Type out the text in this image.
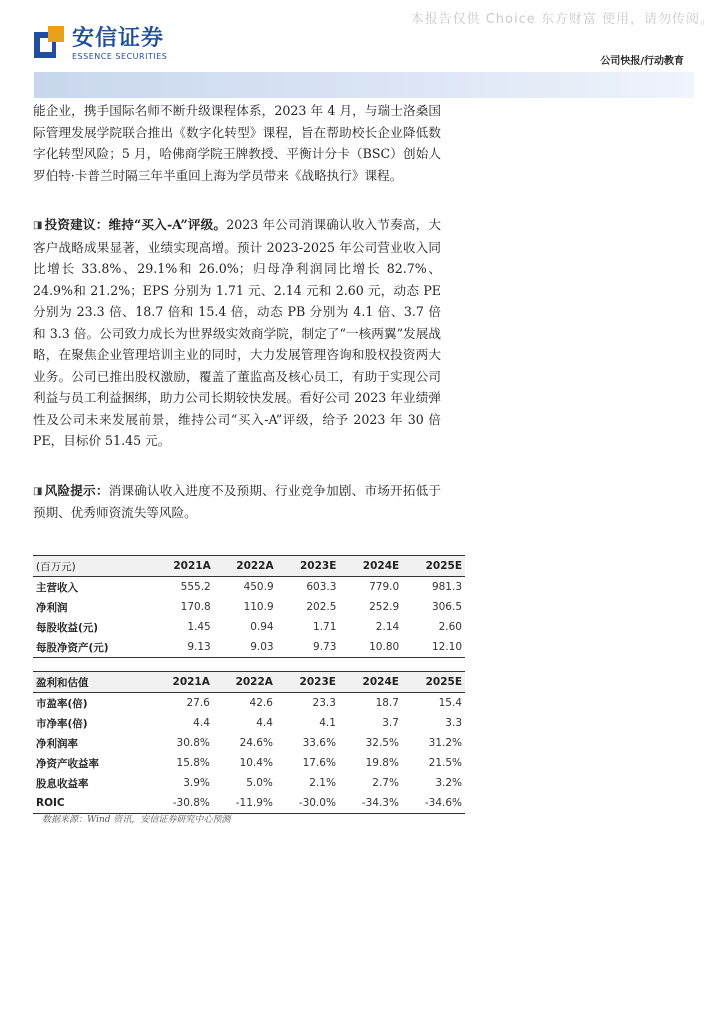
本报告仅供 Choice 东方财富 使用，请勿传阅。
安信证券
ESSENCE SECURITIES	公司快报/行动教育

能企业，携手国际名师不断升级课程体系，2023 年 4 月，与瑞士洛桑国际管理发展学院联合推出《数字化转型》课程，旨在帮助校长企业降低数字化转型风险；5 月，哈佛商学院王牌教授、平衡计分卡（BSC）创始人罗伯特·卡普兰时隔三年半重回上海为学员带来《战略执行》课程。

◨ 投资建议：维持“买入-A”评级。2023 年公司消课确认收入节奏高，大客户战略成果显著，业绩实现高增。预计 2023-2025 年公司营业收入同比增长 33.8%、29.1%和 26.0%；归母净利润同比增长 82.7%、24.9%和 21.2%；EPS 分别为 1.71 元、2.14 元和 2.60 元，动态 PE 分别为 23.3 倍、18.7 倍和 15.4 倍，动态 PB 分别为 4.1 倍、3.7 倍和 3.3 倍。公司致力成长为世界级实效商学院，制定了“一核两翼”发展战略，在聚焦企业管理培训主业的同时，大力发展管理咨询和股权投资两大业务。公司已推出股权激励，覆盖了董监高及核心员工，有助于实现公司利益与员工利益捆绑，助力公司长期较快发展。看好公司 2023 年业绩弹性及公司未来发展前景，维持公司“买入-A”评级，给予 2023 年 30 倍 PE，目标价 51.45 元。

◨ 风险提示：消课确认收入进度不及预期、行业竞争加剧、市场开拓低于预期、优秀师资流失等风险。

(百万元)	2021A	2022A	2023E	2024E	2025E
主营收入	555.2	450.9	603.3	779.0	981.3
净利润	170.8	110.9	202.5	252.9	306.5
每股收益(元)	1.45	0.94	1.71	2.14	2.60
每股净资产(元)	9.13	9.03	9.73	10.80	12.10
盈利和估值	2021A	2022A	2023E	2024E	2025E
市盈率(倍)	27.6	42.6	23.3	18.7	15.4
市净率(倍)	4.4	4.4	4.1	3.7	3.3
净利润率	30.8%	24.6%	33.6%	32.5%	31.2%
净资产收益率	15.8%	10.4%	17.6%	19.8%	21.5%
股息收益率	3.9%	5.0%	2.1%	2.7%	3.2%
ROIC	-30.8%	-11.9%	-30.0%	-34.3%	-34.6%
数据来源：Wind 资讯，安信证券研究中心预测
